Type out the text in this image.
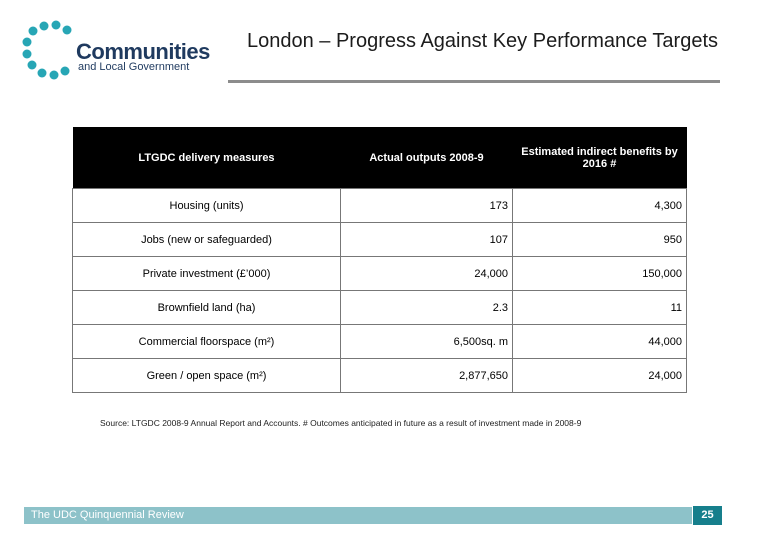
Communities
and Local Government
London – Progress Against Key Performance Targets
LTGDC delivery measures	Actual outputs 2008-9	Estimated indirect benefits by 2016 #
Housing (units)	173	4,300
Jobs (new or safeguarded)	107	950
Private investment (£’000)	24,000	150,000
Brownfield land (ha)	2.3	11
Commercial floorspace (m²)	6,500sq. m	44,000
Green / open space (m²)	2,877,650	24,000
Source: LTGDC 2008-9 Annual Report and Accounts. # Outcomes anticipated in future as a result of investment made in 2008-9
The UDC Quinquennial Review	25
